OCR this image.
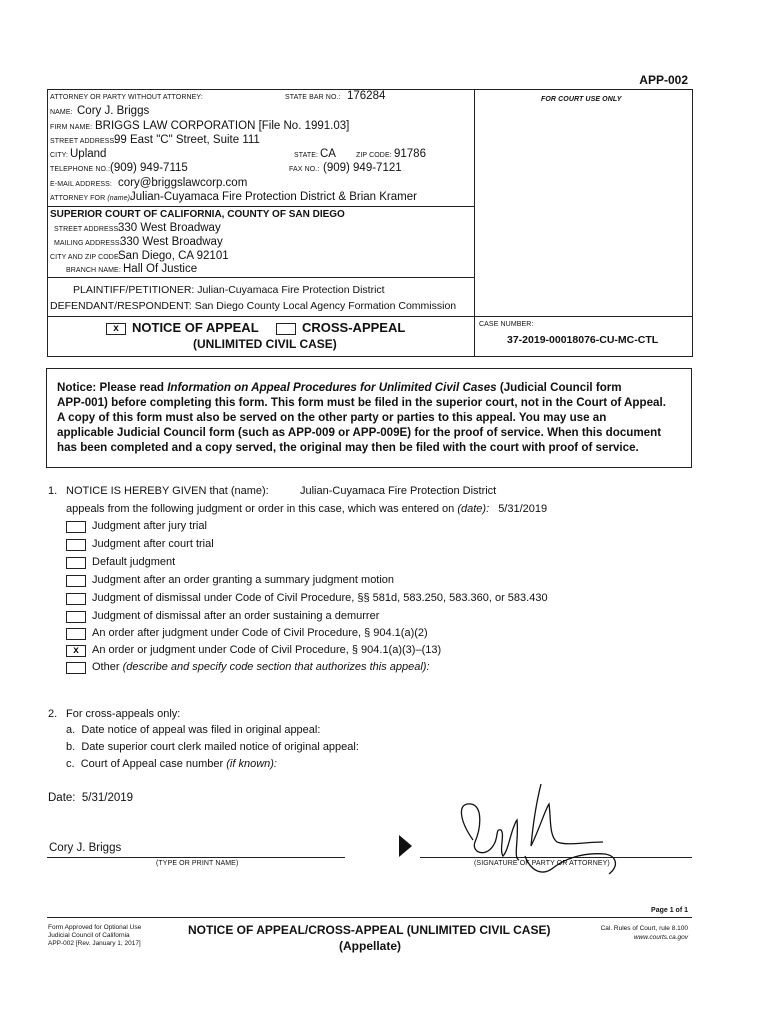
APP-002
ATTORNEY OR PARTY WITHOUT ATTORNEY:	STATE BAR NO.: 176284
NAME: Cory J. Briggs
FIRM NAME: BRIGGS LAW CORPORATION [File No. 1991.03]
STREET ADDRESS:
99 East "C" Street, Suite 111
CITY: Upland	STATE: CA	ZIP CODE: 91786
TELEPHONE NO.: (909) 949-7115	FAX NO.: (909) 949-7121
E-MAIL ADDRESS: cory@briggslawcorp.com
ATTORNEY FOR (name):
Julian-Cuyamaca Fire Protection District & Brian Kramer
FOR COURT USE ONLY
SUPERIOR COURT OF CALIFORNIA, COUNTY OF SAN DIEGO
STREET ADDRESS:
330 West Broadway
MAILING ADDRESS:
330 West Broadway
CITY AND ZIP CODE:
San Diego, CA 92101
BRANCH NAME: Hall Of Justice
PLAINTIFF/PETITIONER: Julian-Cuyamaca Fire Protection District
DEFENDANT/RESPONDENT: San Diego County Local Agency Formation Commission
x	NOTICE OF APPEAL	CROSS-APPEAL
(UNLIMITED CIVIL CASE)
CASE NUMBER:
37-2019-00018076-CU-MC-CTL
Notice: Please read Information on Appeal Procedures for Unlimited Civil Cases (Judicial Council form
APP-001) before completing this form. This form must be filed in the superior court, not in the Court of Appeal.
A copy of this form must also be served on the other party or parties to this appeal. You may use an
applicable Judicial Council form (such as APP-009 or APP-009E) for the proof of service. When this document
has been completed and a copy served, the original may then be filed with the court with proof of service.
1. NOTICE IS HEREBY GIVEN that (name):	Julian-Cuyamaca Fire Protection District
appeals from the following judgment or order in this case, which was entered on (date): 5/31/2019
Judgment after jury trial
Judgment after court trial
Default judgment
Judgment after an order granting a summary judgment motion
Judgment of dismissal under Code of Civil Procedure, §§ 581d, 583.250, 583.360, or 583.430
Judgment of dismissal after an order sustaining a demurrer
An order after judgment under Code of Civil Procedure, § 904.1(a)(2)
x	An order or judgment under Code of Civil Procedure, § 904.1(a)(3)–(13)
Other (describe and specify code section that authorizes this appeal):
2. For cross-appeals only:
a. Date notice of appeal was filed in original appeal:
b. Date superior court clerk mailed notice of original appeal:
c. Court of Appeal case number (if known):
Date: 5/31/2019
Cory J. Briggs
(TYPE OR PRINT NAME)	(SIGNATURE OF PARTY OR ATTORNEY)
Page 1 of 1
Form Approved for Optional Use
Judicial Council of California
APP-002 [Rev. January 1, 2017]
NOTICE OF APPEAL/CROSS-APPEAL (UNLIMITED CIVIL CASE)
(Appellate)
Cal. Rules of Court, rule 8.100
www.courts.ca.gov
